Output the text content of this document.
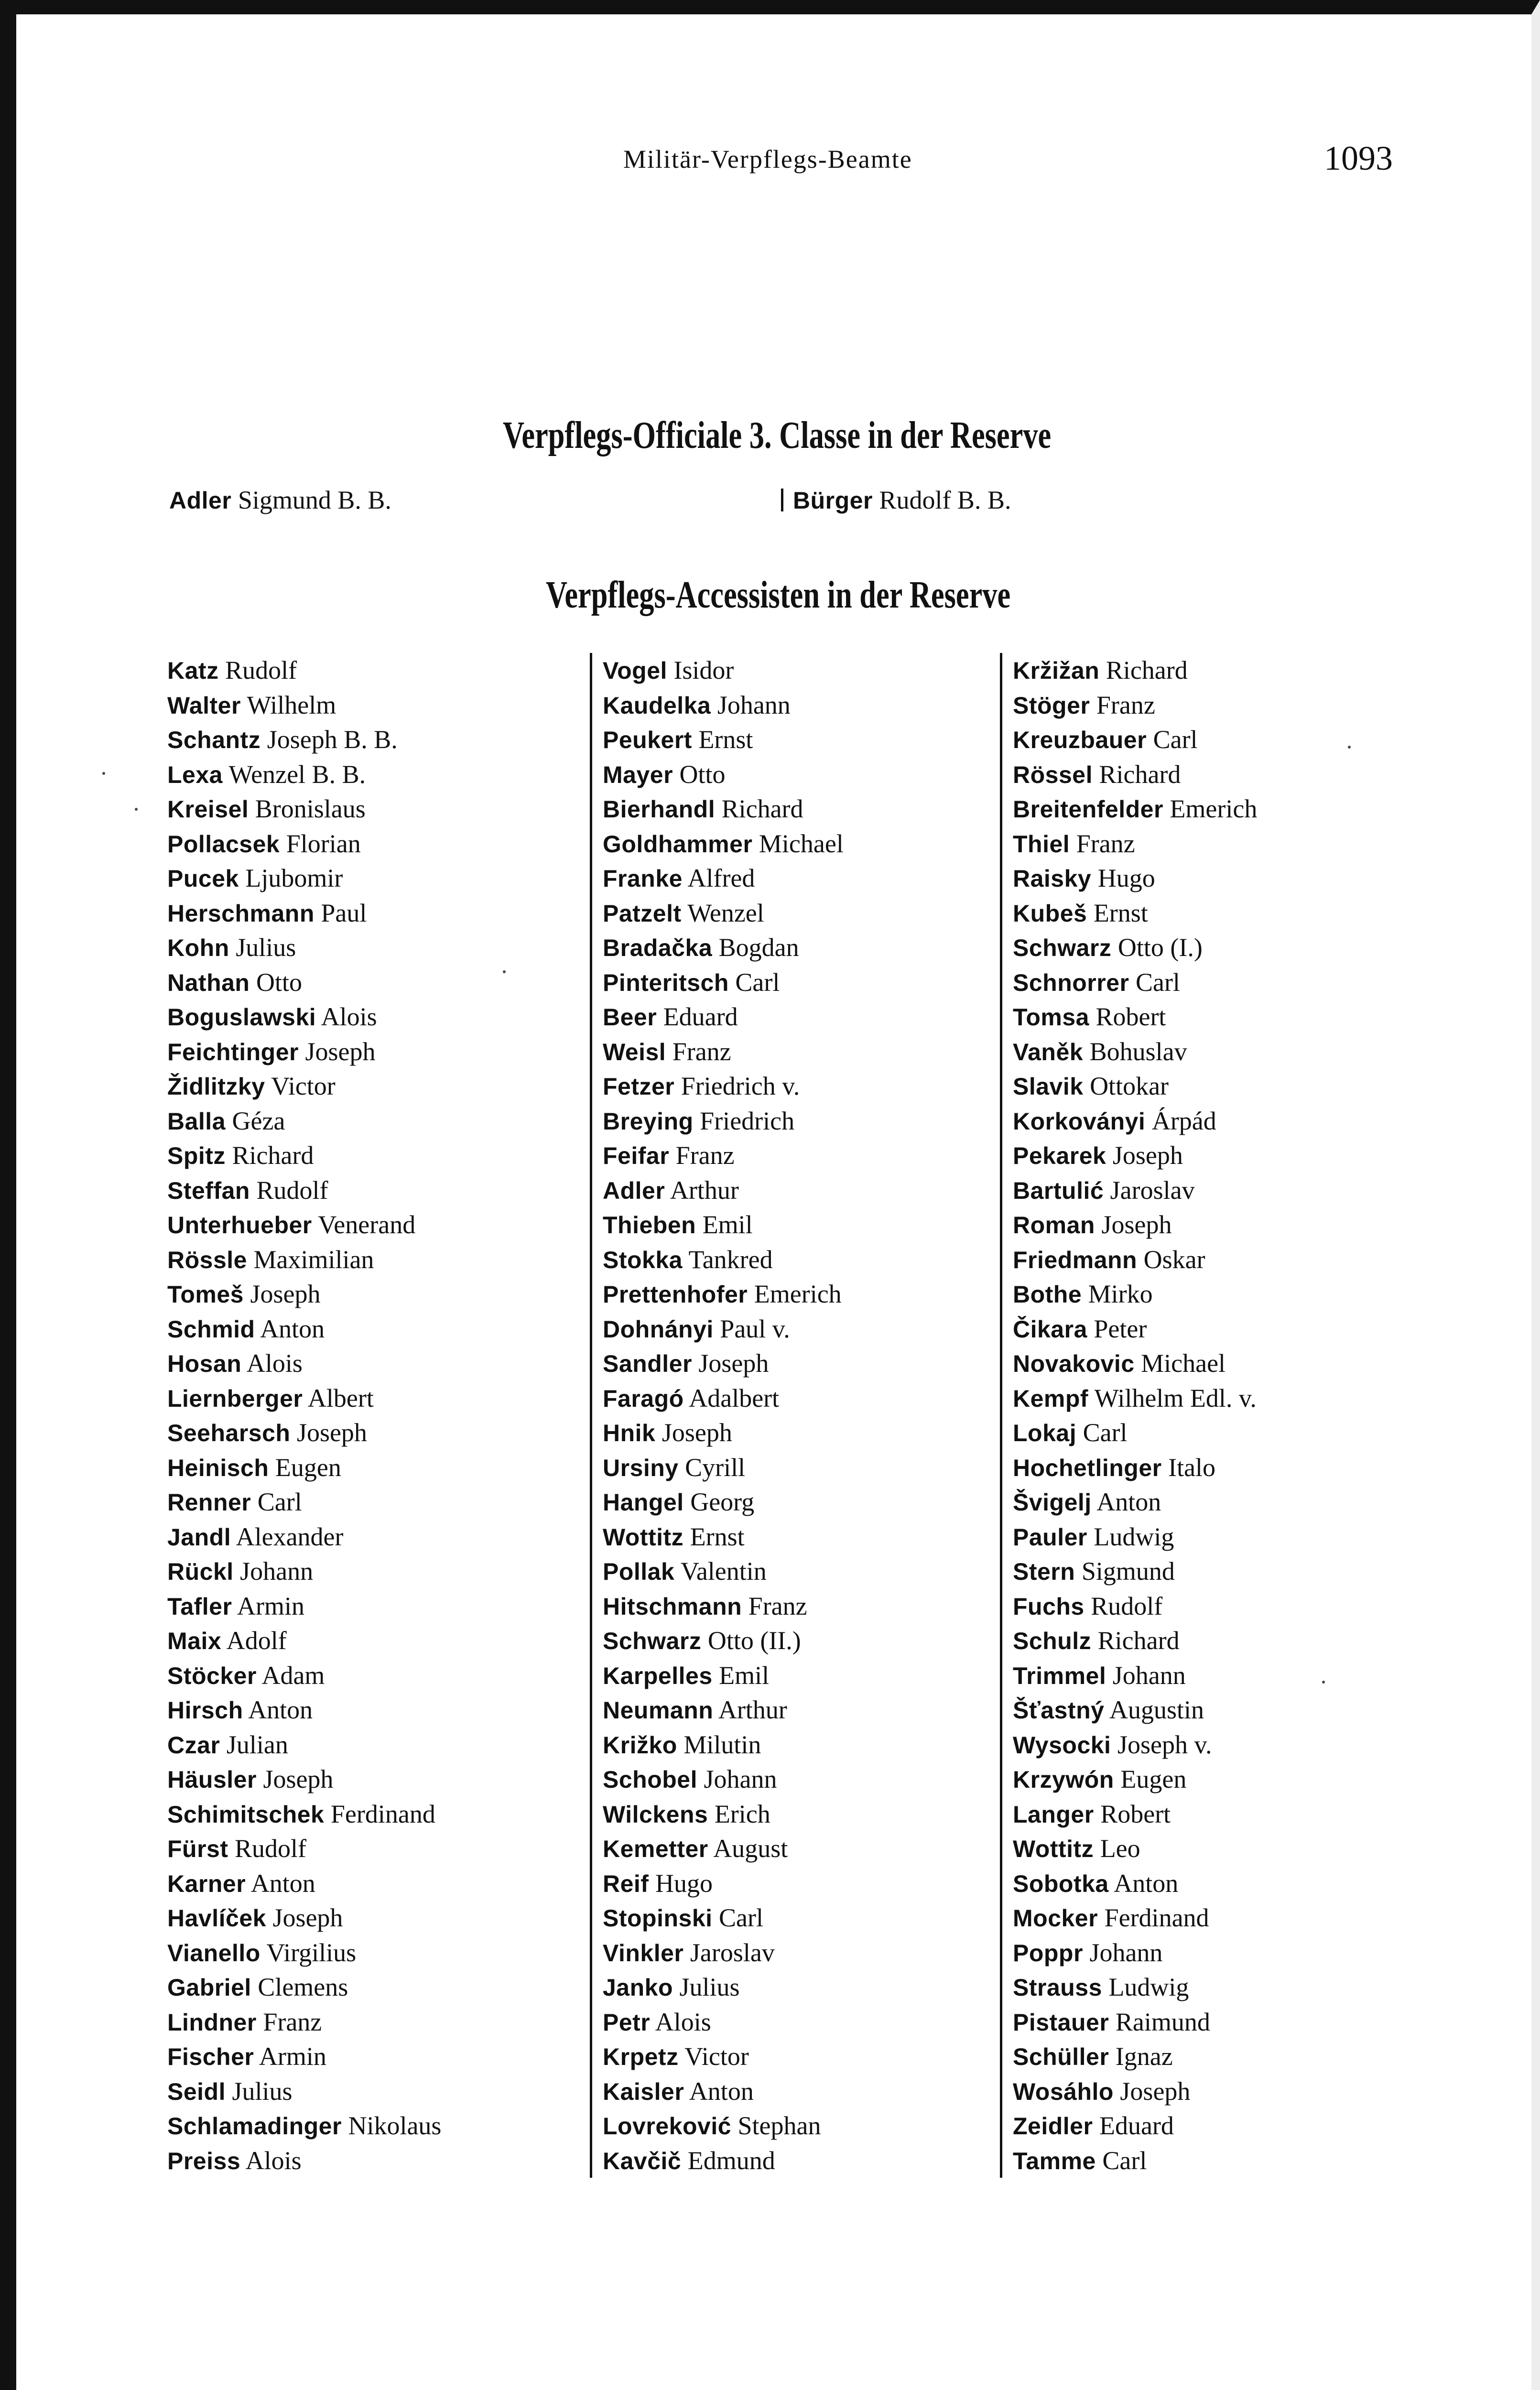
Militär-Verpflegs-Beamte	1093
Verpflegs-Officiale 3. Classe in der Reserve
Adler Sigmund B. B.	Bürger Rudolf B. B.
Verpflegs-Accessisten in der Reserve
Katz Rudolf
Walter Wilhelm
Schantz Joseph B. B.
Lexa Wenzel B. B.
Kreisel Bronislaus
Pollacsek Florian
Pucek Ljubomir
Herschmann Paul
Kohn Julius
Nathan Otto
Boguslawski Alois
Feichtinger Joseph
Židlitzky Victor
Balla Géza
Spitz Richard
Steffan Rudolf
Unterhueber Venerand
Rössle Maximilian
Tomeš Joseph
Schmid Anton
Hosan Alois
Liernberger Albert
Seeharsch Joseph
Heinisch Eugen
Renner Carl
Jandl Alexander
Rückl Johann
Tafler Armin
Maix Adolf
Stöcker Adam
Hirsch Anton
Czar Julian
Häusler Joseph
Schimitschek Ferdinand
Fürst Rudolf
Karner Anton
Havlíček Joseph
Vianello Virgilius
Gabriel Clemens
Lindner Franz
Fischer Armin
Seidl Julius
Schlamadinger Nikolaus
Preiss Alois
Vogel Isidor
Kaudelka Johann
Peukert Ernst
Mayer Otto
Bierhandl Richard
Goldhammer Michael
Franke Alfred
Patzelt Wenzel
Bradačka Bogdan
Pinteritsch Carl
Beer Eduard
Weisl Franz
Fetzer Friedrich v.
Breying Friedrich
Feifar Franz
Adler Arthur
Thieben Emil
Stokka Tankred
Prettenhofer Emerich
Dohnányi Paul v.
Sandler Joseph
Faragó Adalbert
Hnik Joseph
Ursiny Cyrill
Hangel Georg
Wottitz Ernst
Pollak Valentin
Hitschmann Franz
Schwarz Otto (II.)
Karpelles Emil
Neumann Arthur
Križko Milutin
Schobel Johann
Wilckens Erich
Kemetter August
Reif Hugo
Stopinski Carl
Vinkler Jaroslav
Janko Julius
Petr Alois
Krpetz Victor
Kaisler Anton
Lovreković Stephan
Kavčič Edmund
Kržižan Richard
Stöger Franz
Kreuzbauer Carl
Rössel Richard
Breitenfelder Emerich
Thiel Franz
Raisky Hugo
Kubeš Ernst
Schwarz Otto (I.)
Schnorrer Carl
Tomsa Robert
Vaněk Bohuslav
Slavik Ottokar
Korkoványi Árpád
Pekarek Joseph
Bartulić Jaroslav
Roman Joseph
Friedmann Oskar
Bothe Mirko
Čikara Peter
Novakovic Michael
Kempf Wilhelm Edl. v.
Lokaj Carl
Hochetlinger Italo
Švigelj Anton
Pauler Ludwig
Stern Sigmund
Fuchs Rudolf
Schulz Richard
Trimmel Johann
Šťastný Augustin
Wysocki Joseph v.
Krzywón Eugen
Langer Robert
Wottitz Leo
Sobotka Anton
Mocker Ferdinand
Poppr Johann
Strauss Ludwig
Pistauer Raimund
Schüller Ignaz
Wosáhlo Joseph
Zeidler Eduard
Tamme Carl
